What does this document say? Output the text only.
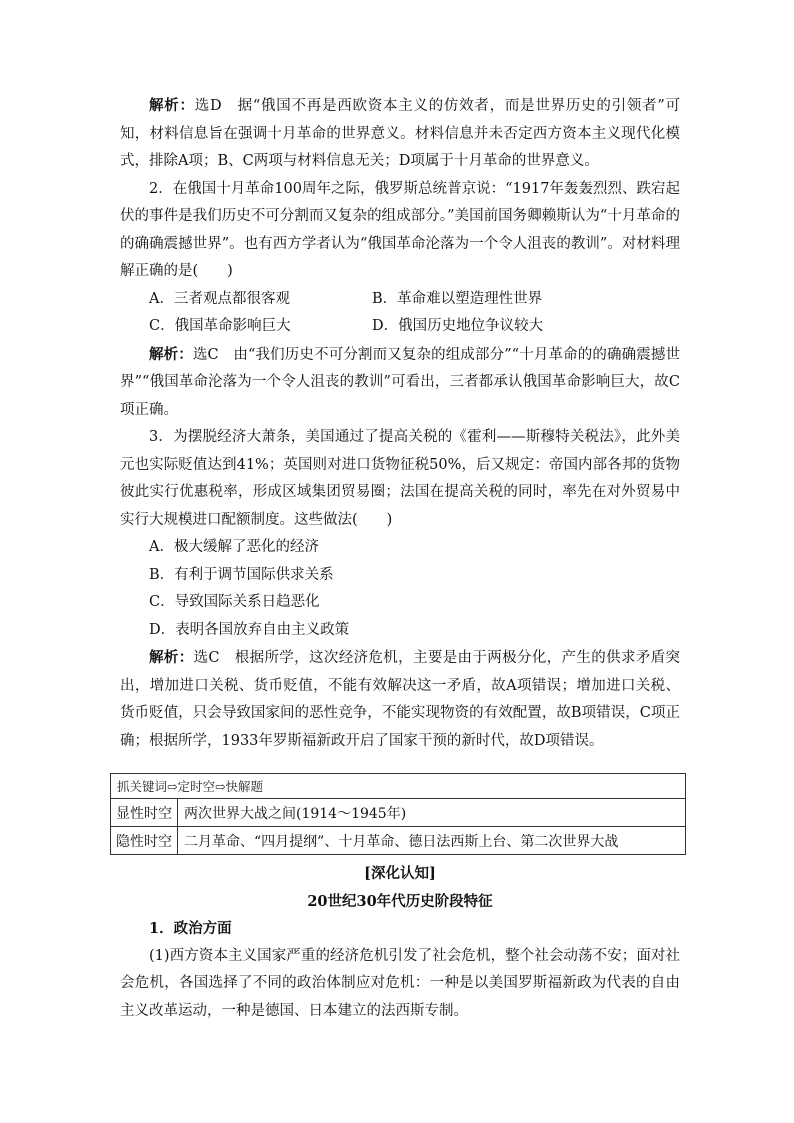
解析：选D　据“俄国不再是西欧资本主义的仿效者，而是世界历史的引领者”可知，材料信息旨在强调十月革命的世界意义。材料信息并未否定西方资本主义现代化模式，排除A项；B、C两项与材料信息无关；D项属于十月革命的世界意义。

2．在俄国十月革命100周年之际，俄罗斯总统普京说：“1917年轰轰烈烈、跌宕起伏的事件是我们历史不可分割而又复杂的组成部分。”美国前国务卿赖斯认为“十月革命的的确确震撼世界”。也有西方学者认为“俄国革命沦落为一个令人沮丧的教训”。对材料理解正确的是(　　)

A．三者观点都很客观	B．革命难以塑造理性世界
C．俄国革命影响巨大	D．俄国历史地位争议较大

解析：选C　由“我们历史不可分割而又复杂的组成部分”“十月革命的的确确震撼世界”“俄国革命沦落为一个令人沮丧的教训”可看出，三者都承认俄国革命影响巨大，故C项正确。

3．为摆脱经济大萧条，美国通过了提高关税的《霍利——斯穆特关税法》，此外美元也实际贬值达到41%；英国则对进口货物征税50%，后又规定：帝国内部各邦的货物彼此实行优惠税率，形成区域集团贸易圈；法国在提高关税的同时，率先在对外贸易中实行大规模进口配额制度。这些做法(　　)

A．极大缓解了恶化的经济

B．有利于调节国际供求关系

C．导致国际关系日趋恶化

D．表明各国放弃自由主义政策

解析：选C　根据所学，这次经济危机，主要是由于两极分化，产生的供求矛盾突出，增加进口关税、货币贬值，不能有效解决这一矛盾，故A项错误；增加进口关税、货币贬值，只会导致国家间的恶性竞争，不能实现物资的有效配置，故B项错误，C项正确；根据所学，1933年罗斯福新政开启了国家干预的新时代，故D项错误。

抓关键词⇨定时空⇨快解题	
显性时空	两次世界大战之间(1914～1945年)
隐性时空	二月革命、“四月提纲”、十月革命、德日法西斯上台、第二次世界大战

[深化认知]

20世纪30年代历史阶段特征

1．政治方面

(1)西方资本主义国家严重的经济危机引发了社会危机，整个社会动荡不安；面对社会危机，各国选择了不同的政治体制应对危机：一种是以美国罗斯福新政为代表的自由主义改革运动，一种是德国、日本建立的法西斯专制。
